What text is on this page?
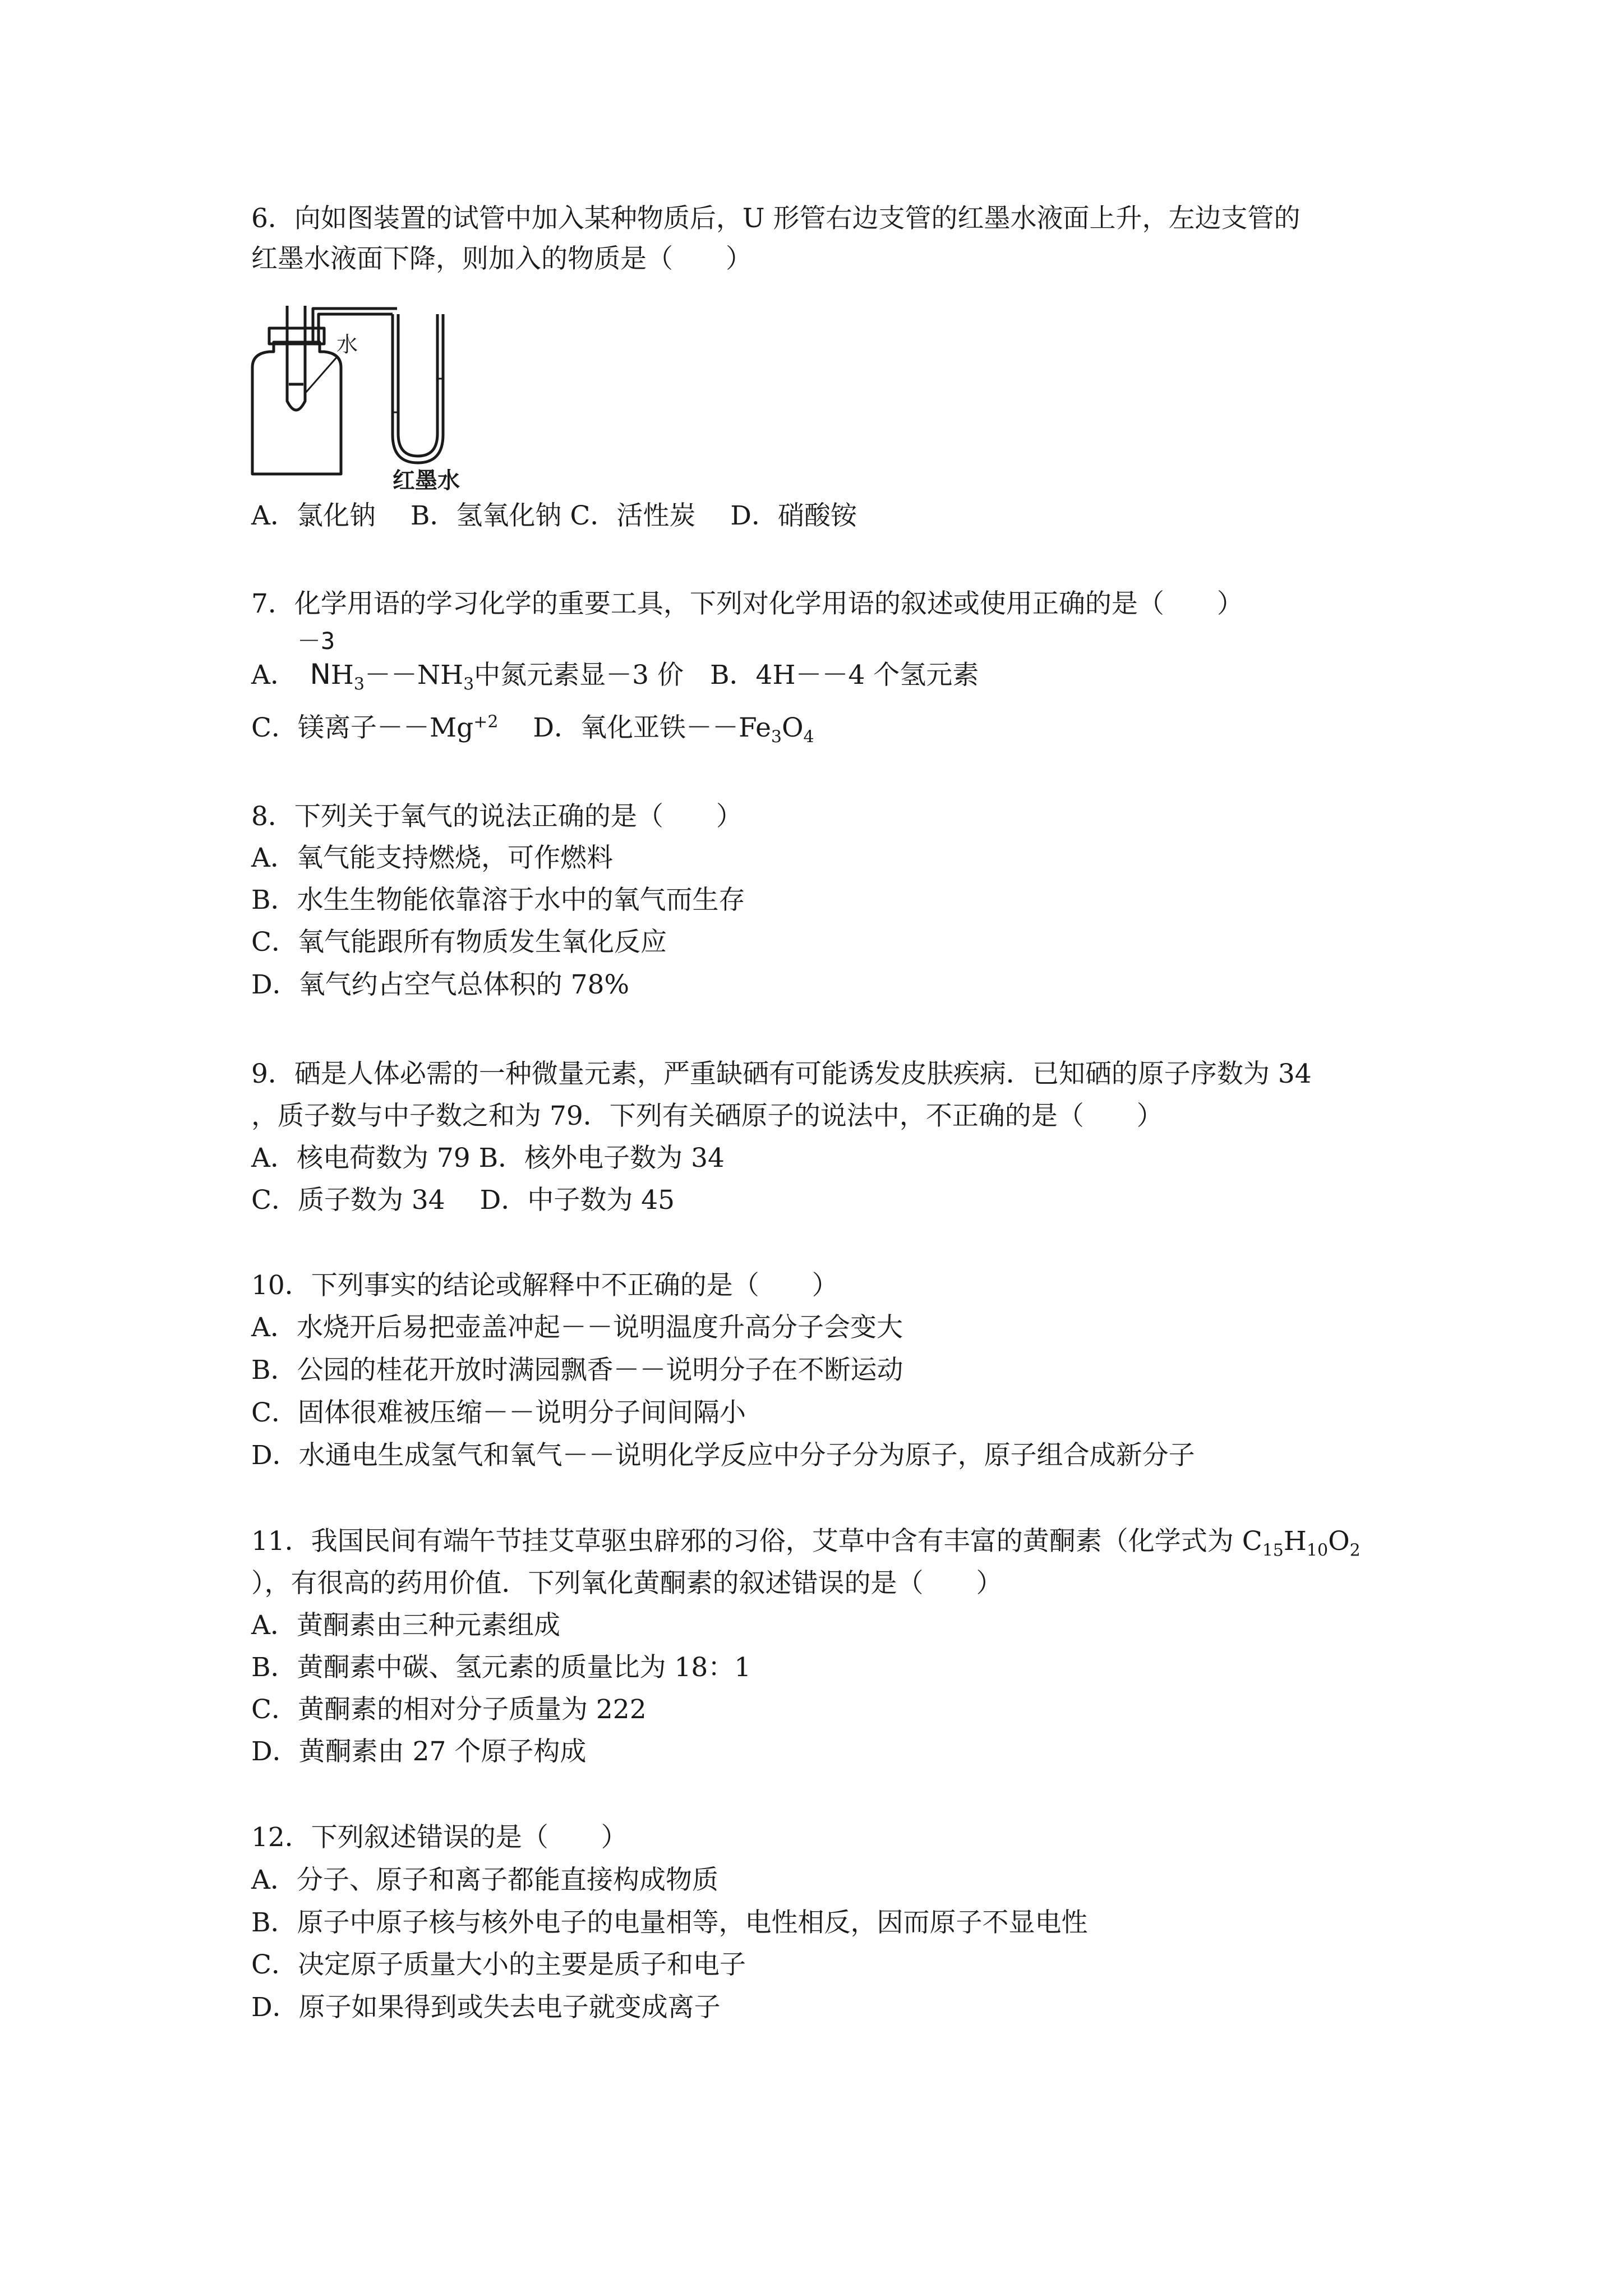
6．向如图装置的试管中加入某种物质后，U 形管右边支管的红墨水液面上升，左边支管的
红墨水液面下降，则加入的物质是（　　）
水
红墨水
A．氯化钠　 B．氢氧化钠 C．活性炭　 D．硝酸铵
7．化学用语的学习化学的重要工具，下列对化学用语的叙述或使用正确的是（　　）
－3
A．　 $NH_3--NH_3$中氮元素显－3 价　B．4H－－4 个氢元素
C．镁离子$--Mg^{+2}$　 D．氧化亚铁$--Fe_3O_4$
8．下列关于氧气的说法正确的是（　　）
A．氧气能支持燃烧，可作燃料
B．水生生物能依靠溶于水中的氧气而生存
C．氧气能跟所有物质发生氧化反应
D．氧气约占空气总体积的 78%
9．硒是人体必需的一种微量元素，严重缺硒有可能诱发皮肤疾病．已知硒的原子序数为 34
，质子数与中子数之和为 79．下列有关硒原子的说法中，不正确的是（　　）
A．核电荷数为 79 B．核外电子数为 34
C．质子数为 34　 D．中子数为 45
10．下列事实的结论或解释中不正确的是（　　）
A．水烧开后易把壶盖冲起－－说明温度升高分子会变大
B．公园的桂花开放时满园飘香－－说明分子在不断运动
C．固体很难被压缩－－说明分子间间隔小
D．水通电生成氢气和氧气－－说明化学反应中分子分为原子，原子组合成新分子
11．我国民间有端午节挂艾草驱虫辟邪的习俗，艾草中含有丰富的黄酮素（化学式为 $C_{15}H_{10}O_2$
），有很高的药用价值．下列氧化黄酮素的叙述错误的是（　　）
A．黄酮素由三种元素组成
B．黄酮素中碳、氢元素的质量比为 18：1
C．黄酮素的相对分子质量为 222
D．黄酮素由 27 个原子构成
12．下列叙述错误的是（　　）
A．分子、原子和离子都能直接构成物质
B．原子中原子核与核外电子的电量相等，电性相反，因而原子不显电性
C．决定原子质量大小的主要是质子和电子
D．原子如果得到或失去电子就变成离子
